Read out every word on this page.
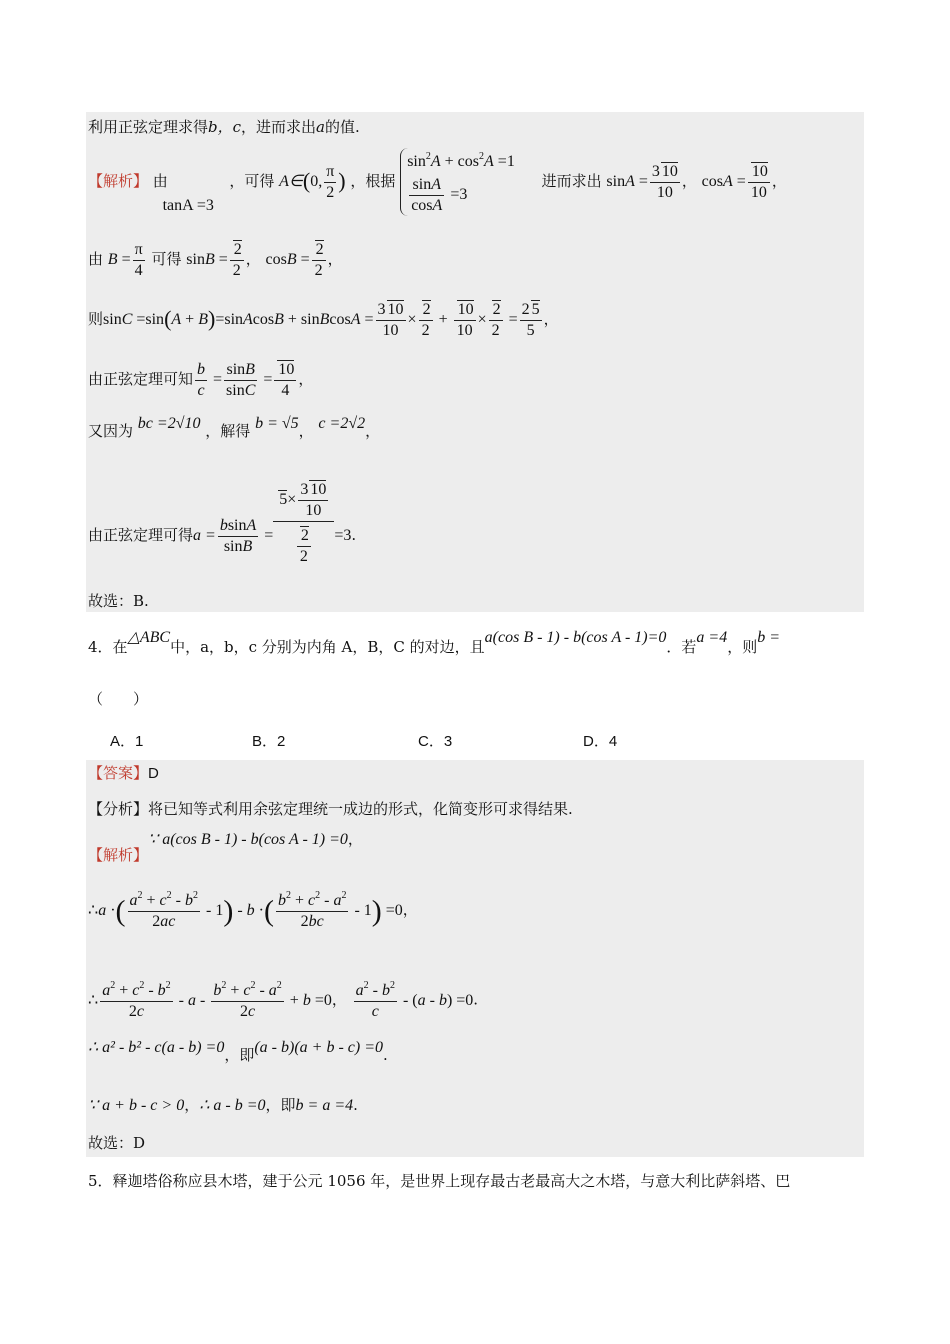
利用正弦定理求得b，c，进而求出a的值.
【解析】 由 tanA =3 ，可得 A∈(0, $\frac{\pi}{2}$ ) ，根据
$\sin^2A + \cos^2A =1$
$\frac{\sin A}{\cos A} =3$
进而求出 $\sin A = \frac{3 10}{10}$ ， $\cos A = \frac{10}{10}$ ，
由 $B = \frac{\pi}{4}$ 可得 $\sin B = \frac{2}{2}$ ， $\cos B = \frac{2}{2}$ ，
则sinC =sin(A + B)=sinAcosB + sinBcosA = $\frac{3 10}{10} \times \frac{2}{2} + \frac{10}{10} \times \frac{2}{2} = \frac{2 5}{5}$ ，
由正弦定理可知 $\frac{b}{c} = \frac{\sin B}{\sin C} = \frac{10}{4}$ ，
又因为 bc =2√10 ，解得 b = √5， c =2√2，
由正弦定理可得$a = \frac{bsinA}{\sin B} = \frac{5\times \frac{3 10}{10}}{\frac{2}{2}} =3$.
故选：B.
4．在△ABC中，a，b，c 分别为内角 A，B，C 的对边，且a(cos B - 1) - b(cos A - 1)=0．若a =4，则b =
（　　）
A．1	B．2	C．3	D．4
【答案】D
【分析】将已知等式利用余弦定理统一成边的形式，化简变形可求得结果.
【解析】∵ a(cos B - 1) - b(cos A - 1) =0，
∴a ·( $\frac{a^2 + c^2 - b^2}{2ac} - 1$) - b ·( $\frac{b^2 + c^2 - a^2}{2bc} - 1) =0$，
∴ $\frac{a^2 + c^2 - b^2}{2c} - a - \frac{b^2 + c^2 - a^2}{2c} + b =0$， $\frac{a^2 - b^2}{c} - (a - b) =0$.
∴ a² - b² - c(a - b) =0，即(a - b)(a + b - c) =0.
∵ a + b - c > 0，∴ a - b =0，即b = a =4.
故选：D
5．释迦塔俗称应县木塔，建于公元 1056 年，是世界上现存最古老最高大之木塔，与意大利比萨斜塔、巴
